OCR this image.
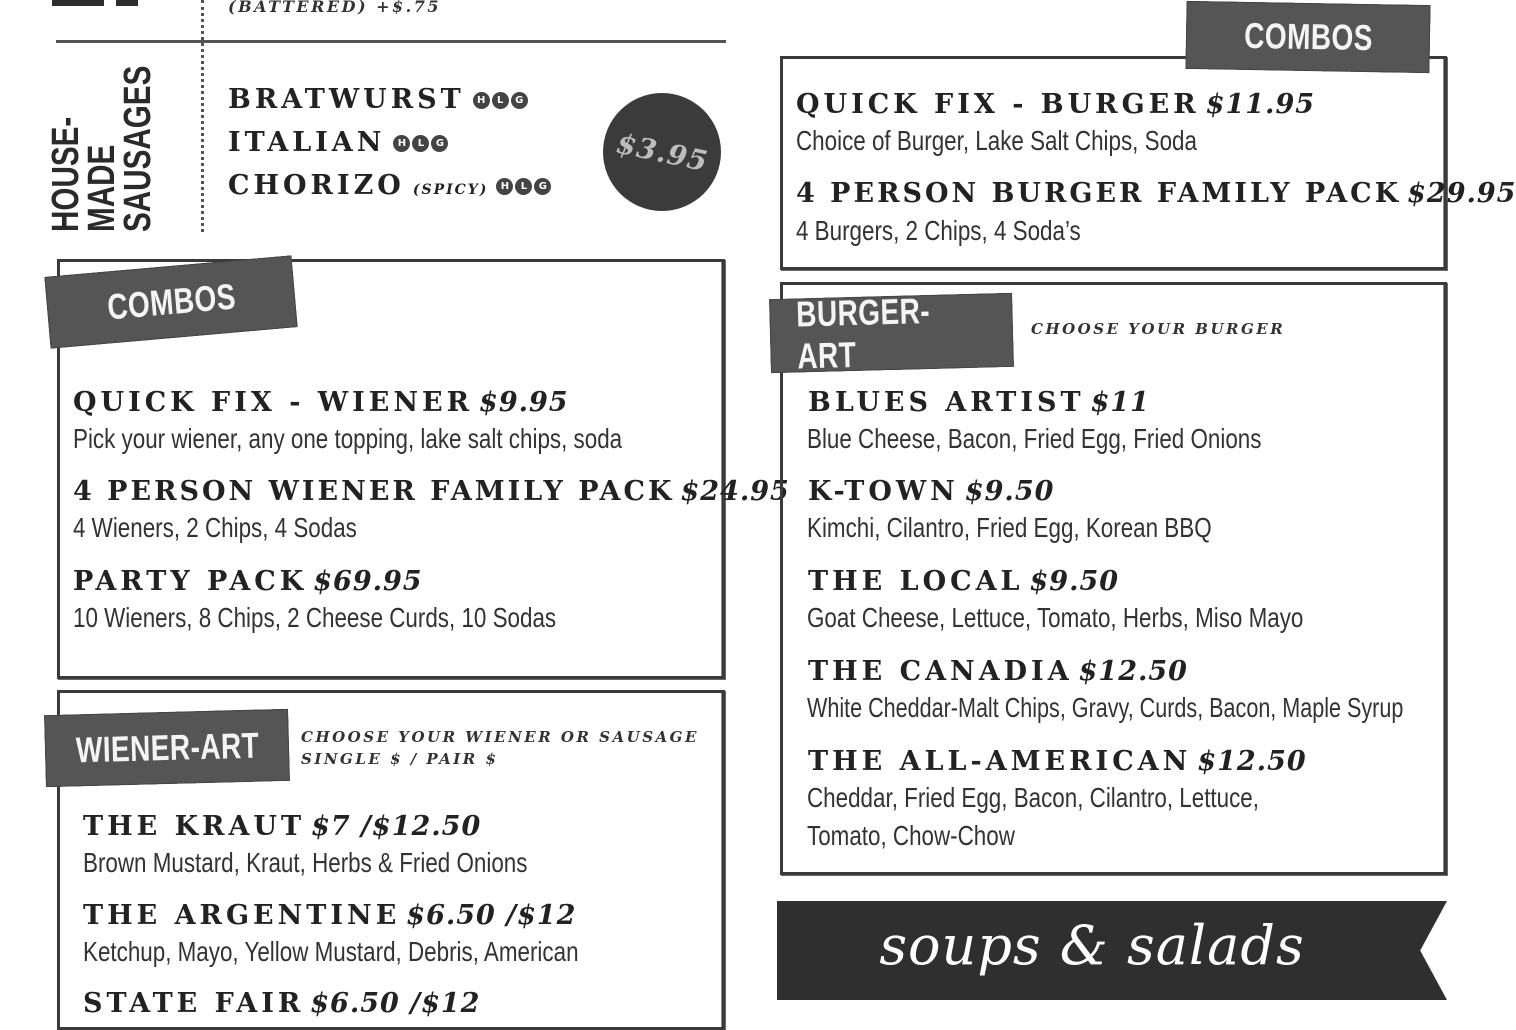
(BATTERED) +$.75
HOUSE-
MADE
SAUSAGES	BRATWURST	H	L	G
ITALIAN	H	L	G
CHORIZO (SPICY)	H	L	G
$3.95
COMBOS
QUICK FIX - WIENER $9.95
Pick your wiener, any one topping, lake salt chips, soda
4 PERSON WIENER FAMILY PACK $24.95
4 Wieners, 2 Chips, 4 Sodas
PARTY PACK $69.95
10 Wieners, 8 Chips, 2 Cheese Curds, 10 Sodas
WIENER-ART	CHOOSE YOUR WIENER OR SAUSAGE
SINGLE $ / PAIR $
THE KRAUT $7 /$12.50
Brown Mustard, Kraut, Herbs & Fried Onions
THE ARGENTINE $6.50 /$12
Ketchup, Mayo, Yellow Mustard, Debris, American
STATE FAIR $6.50 /$12
COMBOS
QUICK FIX - BURGER $11.95
Choice of Burger, Lake Salt Chips, Soda
4 PERSON BURGER FAMILY PACK $29.95
4 Burgers, 2 Chips, 4 Soda’s
BURGER-ART
CHOOSE YOUR BURGER
BLUES ARTIST $11
Blue Cheese, Bacon, Fried Egg, Fried Onions
K-TOWN $9.50
Kimchi, Cilantro, Fried Egg, Korean BBQ
THE LOCAL $9.50
Goat Cheese, Lettuce, Tomato, Herbs, Miso Mayo
THE CANADIA $12.50
White Cheddar-Malt Chips, Gravy, Curds, Bacon, Maple Syrup
THE ALL-AMERICAN $12.50
Cheddar, Fried Egg, Bacon, Cilantro, Lettuce,
Tomato, Chow-Chow
soups & salads
